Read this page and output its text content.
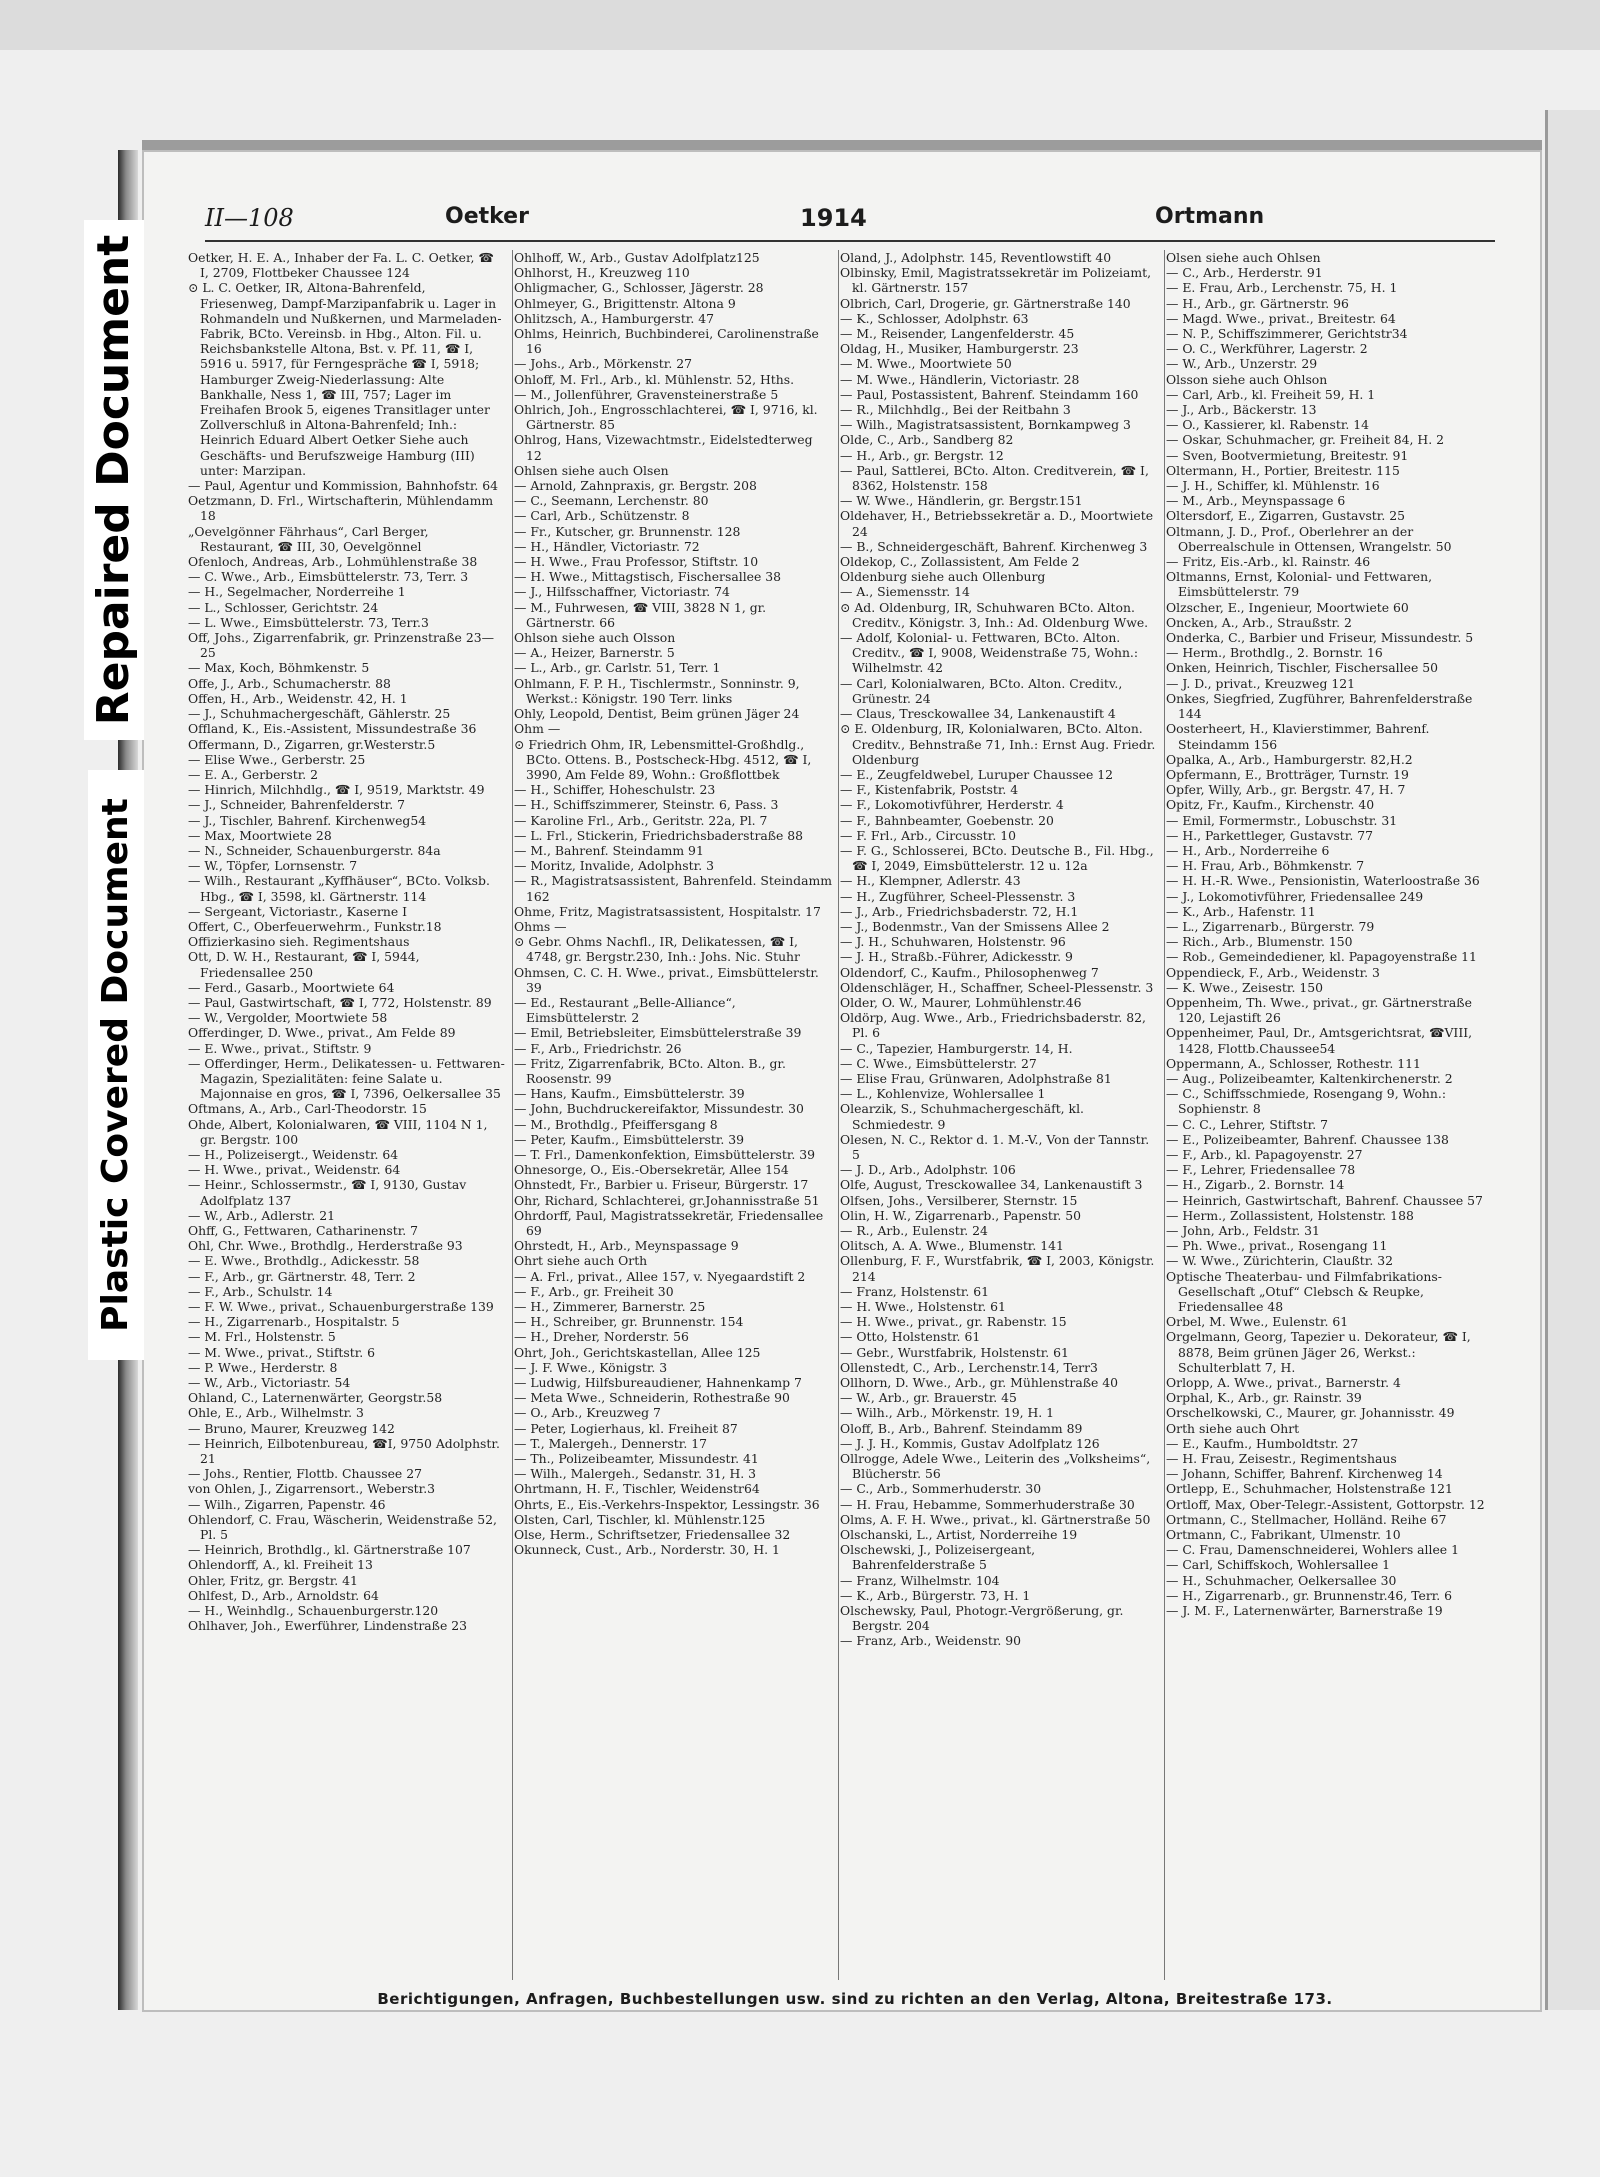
Repaired Document
Plastic Covered Document
II—108	Oetker	1914	Ortmann

Oetker, H. E. A., Inhaber der Fa. L. C. Oetker, ☎ I, 2709, Flottbeker Chaussee 124

⊙ L. C. Oetker, IR, Altona-Bahrenfeld, Friesenweg, Dampf-Marzipanfabrik u. Lager in Rohmandeln und Nußkernen, und Marmeladen-Fabrik, BCto. Vereinsb. in Hbg., Alton. Fil. u. Reichsbankstelle Altona, Bst. v. Pf. 11, ☎ I, 5916 u. 5917, für Ferngespräche ☎ I, 5918; Hamburger Zweig-Niederlassung: Alte Bankhalle, Ness 1, ☎ III, 757; Lager im Freihafen Brook 5, eigenes Transitlager unter Zollverschluß in Altona-Bahrenfeld; Inh.: Heinrich Eduard Albert Oetker Siehe auch Geschäfts- und Berufszweige Hamburg (III) unter: Marzipan.

— Paul, Agentur und Kommission, Bahnhofstr. 64

Oetzmann, D. Frl., Wirtschafterin, Mühlendamm 18

„Oevelgönner Fährhaus“, Carl Berger, Restaurant, ☎ III, 30, Oevelgönnel

Ofenloch, Andreas, Arb., Lohmühlenstraße 38

— C. Wwe., Arb., Eimsbüttelerstr. 73, Terr. 3

— H., Segelmacher, Norderreihe 1

— L., Schlosser, Gerichtstr. 24

— L. Wwe., Eimsbüttelerstr. 73, Terr.3

Off, Johs., Zigarrenfabrik, gr. Prinzenstraße 23—25

— Max, Koch, Böhmkenstr. 5

Offe, J., Arb., Schumacherstr. 88

Offen, H., Arb., Weidenstr. 42, H. 1

— J., Schuhmachergeschäft, Gählerstr. 25

Offland, K., Eis.-Assistent, Missundestraße 36

Offermann, D., Zigarren, gr.Westerstr.5

— Elise Wwe., Gerberstr. 25

— E. A., Gerberstr. 2

— Hinrich, Milchhdlg., ☎ I, 9519, Marktstr. 49

— J., Schneider, Bahrenfelderstr. 7

— J., Tischler, Bahrenf. Kirchenweg54

— Max, Moortwiete 28

— N., Schneider, Schauenburgerstr. 84a

— W., Töpfer, Lornsenstr. 7

— Wilh., Restaurant „Kyffhäuser“, BCto. Volksb. Hbg., ☎ I, 3598, kl. Gärtnerstr. 114

— Sergeant, Victoriastr., Kaserne I

Offert, C., Oberfeuerwehrm., Funkstr.18

Offizierkasino sieh. Regimentshaus

Ott, D. W. H., Restaurant, ☎ I, 5944, Friedensallee 250

— Ferd., Gasarb., Moortwiete 64

— Paul, Gastwirtschaft, ☎ I, 772, Holstenstr. 89

— W., Vergolder, Moortwiete 58

Offerdinger, D. Wwe., privat., Am Felde 89

— E. Wwe., privat., Stiftstr. 9

— Offerdinger, Herm., Delikatessen- u. Fettwaren-Magazin, Spezialitäten: feine Salate u. Majonnaise en gros, ☎ I, 7396, Oelkersallee 35

Oftmans, A., Arb., Carl-Theodorstr. 15

Ohde, Albert, Kolonialwaren, ☎ VIII, 1104 N 1, gr. Bergstr. 100

— H., Polizeisergt., Weidenstr. 64

— H. Wwe., privat., Weidenstr. 64

— Heinr., Schlossermstr., ☎ I, 9130, Gustav Adolfplatz 137

— W., Arb., Adlerstr. 21

Ohff, G., Fettwaren, Catharinenstr. 7

Ohl, Chr. Wwe., Brothdlg., Herderstraße 93

— E. Wwe., Brothdlg., Adickesstr. 58

— F., Arb., gr. Gärtnerstr. 48, Terr. 2

— F., Arb., Schulstr. 14

— F. W. Wwe., privat., Schauenburgerstraße 139

— H., Zigarrenarb., Hospitalstr. 5

— M. Frl., Holstenstr. 5

— M. Wwe., privat., Stiftstr. 6

— P. Wwe., Herderstr. 8

— W., Arb., Victoriastr. 54

Ohland, C., Laternenwärter, Georgstr.58

Ohle, E., Arb., Wilhelmstr. 3

— Bruno, Maurer, Kreuzweg 142

— Heinrich, Eilbotenbureau, ☎I, 9750 Adolphstr. 21

— Johs., Rentier, Flottb. Chaussee 27

von Ohlen, J., Zigarrensort., Weberstr.3

— Wilh., Zigarren, Papenstr. 46

Ohlendorf, C. Frau, Wäscherin, Weidenstraße 52, Pl. 5

— Heinrich, Brothdlg., kl. Gärtnerstraße 107

Ohlendorff, A., kl. Freiheit 13

Ohler, Fritz, gr. Bergstr. 41

Ohlfest, D., Arb., Arnoldstr. 64

— H., Weinhdlg., Schauenburgerstr.120

Ohlhaver, Joh., Ewerführer, Lindenstraße 23

Ohlhoff, W., Arb., Gustav Adolfplatz125

Ohlhorst, H., Kreuzweg 110

Ohligmacher, G., Schlosser, Jägerstr. 28

Ohlmeyer, G., Brigittenstr. Altona 9

Ohlitzsch, A., Hamburgerstr. 47

Ohlms, Heinrich, Buchbinderei, Carolinenstraße 16

— Johs., Arb., Mörkenstr. 27

Ohloff, M. Frl., Arb., kl. Mühlenstr. 52, Hths.

— M., Jollenführer, Gravensteinerstraße 5

Ohlrich, Joh., Engrosschlachterei, ☎ I, 9716, kl. Gärtnerstr. 85

Ohlrog, Hans, Vizewachtmstr., Eidelstedterweg 12

Ohlsen siehe auch Olsen

— Arnold, Zahnpraxis, gr. Bergstr. 208

— C., Seemann, Lerchenstr. 80

— Carl, Arb., Schützenstr. 8

— Fr., Kutscher, gr. Brunnenstr. 128

— H., Händler, Victoriastr. 72

— H. Wwe., Frau Professor, Stiftstr. 10

— H. Wwe., Mittagstisch, Fischersallee 38

— J., Hilfsschaffner, Victoriastr. 74

— M., Fuhrwesen, ☎ VIII, 3828 N 1, gr. Gärtnerstr. 66

Ohlson siehe auch Olsson

— A., Heizer, Barnerstr. 5

— L., Arb., gr. Carlstr. 51, Terr. 1

Ohlmann, F. P. H., Tischlermstr., Sonninstr. 9, Werkst.: Königstr. 190 Terr. links

Ohly, Leopold, Dentist, Beim grünen Jäger 24

Ohm —

⊙ Friedrich Ohm, IR, Lebensmittel-Großhdlg., BCto. Ottens. B., Postscheck-Hbg. 4512, ☎ I, 3990, Am Felde 89, Wohn.: Großflottbek

— H., Schiffer, Hoheschulstr. 23

— H., Schiffszimmerer, Steinstr. 6, Pass. 3

— Karoline Frl., Arb., Geritstr. 22a, Pl. 7

— L. Frl., Stickerin, Friedrichsbaderstraße 88

— M., Bahrenf. Steindamm 91

— Moritz, Invalide, Adolphstr. 3

— R., Magistratsassistent, Bahrenfeld. Steindamm 162

Ohme, Fritz, Magistratsassistent, Hospitalstr. 17

Ohms —

⊙ Gebr. Ohms Nachfl., IR, Delikatessen, ☎ I, 4748, gr. Bergstr.230, Inh.: Johs. Nic. Stuhr

Ohmsen, C. C. H. Wwe., privat., Eimsbüttelerstr. 39

— Ed., Restaurant „Belle-Alliance“, Eimsbüttelerstr. 2

— Emil, Betriebsleiter, Eimsbüttelerstraße 39

— F., Arb., Friedrichstr. 26

— Fritz, Zigarrenfabrik, BCto. Alton. B., gr. Roosenstr. 99

— Hans, Kaufm., Eimsbüttelerstr. 39

— John, Buchdruckereifaktor, Missundestr. 30

— M., Brothdlg., Pfeiffersgang 8

— Peter, Kaufm., Eimsbüttelerstr. 39

— T. Frl., Damenkonfektion, Eimsbüttelerstr. 39

Ohnesorge, O., Eis.-Obersekretär, Allee 154

Ohnstedt, Fr., Barbier u. Friseur, Bürgerstr. 17

Ohr, Richard, Schlachterei, gr.Johannisstraße 51

Ohrdorff, Paul, Magistratssekretär, Friedensallee 69

Ohrstedt, H., Arb., Meynspassage 9

Ohrt siehe auch Orth

— A. Frl., privat., Allee 157, v. Nyegaardstift 2

— F., Arb., gr. Freiheit 30

— H., Zimmerer, Barnerstr. 25

— H., Schreiber, gr. Brunnenstr. 154

— H., Dreher, Norderstr. 56

Ohrt, Joh., Gerichtskastellan, Allee 125

— J. F. Wwe., Königstr. 3

— Ludwig, Hilfsbureaudiener, Hahnenkamp 7

— Meta Wwe., Schneiderin, Rothestraße 90

— O., Arb., Kreuzweg 7

— Peter, Logierhaus, kl. Freiheit 87

— T., Malergeh., Dennerstr. 17

— Th., Polizeibeamter, Missundestr. 41

— Wilh., Malergeh., Sedanstr. 31, H. 3

Ohrtmann, H. F., Tischler, Weidenstr64

Ohrts, E., Eis.-Verkehrs-Inspektor, Lessingstr. 36

Olsten, Carl, Tischler, kl. Mühlenstr.125

Olse, Herm., Schriftsetzer, Friedensallee 32

Okunneck, Cust., Arb., Norderstr. 30, H. 1

Oland, J., Adolphstr. 145, Reventlowstift 40

Olbinsky, Emil, Magistratssekretär im Polizeiamt, kl. Gärtnerstr. 157

Olbrich, Carl, Drogerie, gr. Gärtnerstraße 140

— K., Schlosser, Adolphstr. 63

— M., Reisender, Langenfelderstr. 45

Oldag, H., Musiker, Hamburgerstr. 23

— M. Wwe., Moortwiete 50

— M. Wwe., Händlerin, Victoriastr. 28

— Paul, Postassistent, Bahrenf. Steindamm 160

— R., Milchhdlg., Bei der Reitbahn 3

— Wilh., Magistratsassistent, Bornkampweg 3

Olde, C., Arb., Sandberg 82

— H., Arb., gr. Bergstr. 12

— Paul, Sattlerei, BCto. Alton. Creditverein, ☎ I, 8362, Holstenstr. 158

— W. Wwe., Händlerin, gr. Bergstr.151

Oldehaver, H., Betriebssekretär a. D., Moortwiete 24

— B., Schneidergeschäft, Bahrenf. Kirchenweg 3

Oldekop, C., Zollassistent, Am Felde 2

Oldenburg siehe auch Ollenburg

— A., Siemensstr. 14

⊙ Ad. Oldenburg, IR, Schuhwaren BCto. Alton. Creditv., Königstr. 3, Inh.: Ad. Oldenburg Wwe.

— Adolf, Kolonial- u. Fettwaren, BCto. Alton. Creditv., ☎ I, 9008, Weidenstraße 75, Wohn.: Wilhelmstr. 42

— Carl, Kolonialwaren, BCto. Alton. Creditv., Grünestr. 24

— Claus, Tresckowallee 34, Lankenaustift 4

⊙ E. Oldenburg, IR, Kolonialwaren, BCto. Alton. Creditv., Behnstraße 71, Inh.: Ernst Aug. Friedr. Oldenburg

— E., Zeugfeldwebel, Luruper Chaussee 12

— F., Kistenfabrik, Poststr. 4

— F., Lokomotivführer, Herderstr. 4

— F., Bahnbeamter, Goebenstr. 20

— F. Frl., Arb., Circusstr. 10

— F. G., Schlosserei, BCto. Deutsche B., Fil. Hbg., ☎ I, 2049, Eimsbüttelerstr. 12 u. 12a

— H., Klempner, Adlerstr. 43

— H., Zugführer, Scheel-Plessenstr. 3

— J., Arb., Friedrichsbaderstr. 72, H.1

— J., Bodenmstr., Van der Smissens Allee 2

— J. H., Schuhwaren, Holstenstr. 96

— J. H., Straßb.-Führer, Adickesstr. 9

Oldendorf, C., Kaufm., Philosophenweg 7

Oldenschläger, H., Schaffner, Scheel-Plessenstr. 3

Older, O. W., Maurer, Lohmühlenstr.46

Oldörp, Aug. Wwe., Arb., Friedrichsbaderstr. 82, Pl. 6

— C., Tapezier, Hamburgerstr. 14, H.

— C. Wwe., Eimsbüttelerstr. 27

— Elise Frau, Grünwaren, Adolphstraße 81

— L., Kohlenvize, Wohlersallee 1

Olearzik, S., Schuhmachergeschäft, kl. Schmiedestr. 9

Olesen, N. C., Rektor d. 1. M.-V., Von der Tannstr. 5

— J. D., Arb., Adolphstr. 106

Olfe, August, Tresckowallee 34, Lankenaustift 3

Olfsen, Johs., Versilberer, Sternstr. 15

Olin, H. W., Zigarrenarb., Papenstr. 50

— R., Arb., Eulenstr. 24

Olitsch, A. A. Wwe., Blumenstr. 141

Ollenburg, F. F., Wurstfabrik, ☎ I, 2003, Königstr. 214

— Franz, Holstenstr. 61

— H. Wwe., Holstenstr. 61

— H. Wwe., privat., gr. Rabenstr. 15

— Otto, Holstenstr. 61

— Gebr., Wurstfabrik, Holstenstr. 61

Ollenstedt, C., Arb., Lerchenstr.14, Terr3

Ollhorn, D. Wwe., Arb., gr. Mühlenstraße 40

— W., Arb., gr. Brauerstr. 45

— Wilh., Arb., Mörkenstr. 19, H. 1

Oloff, B., Arb., Bahrenf. Steindamm 89

— J. J. H., Kommis, Gustav Adolfplatz 126

Ollrogge, Adele Wwe., Leiterin des „Volksheims“, Blücherstr. 56

— C., Arb., Sommerhuderstr. 30

— H. Frau, Hebamme, Sommerhuderstraße 30

Olms, A. F. H. Wwe., privat., kl. Gärtnerstraße 50

Olschanski, L., Artist, Norderreihe 19

Olschewski, J., Polizeisergeant, Bahrenfelderstraße 5

— Franz, Wilhelmstr. 104

— K., Arb., Bürgerstr. 73, H. 1

Olschewsky, Paul, Photogr.-Vergrößerung, gr. Bergstr. 204

— Franz, Arb., Weidenstr. 90

Olsen siehe auch Ohlsen

— C., Arb., Herderstr. 91

— E. Frau, Arb., Lerchenstr. 75, H. 1

— H., Arb., gr. Gärtnerstr. 96

— Magd. Wwe., privat., Breitestr. 64

— N. P., Schiffszimmerer, Gerichtstr34

— O. C., Werkführer, Lagerstr. 2

— W., Arb., Unzerstr. 29

Olsson siehe auch Ohlson

— Carl, Arb., kl. Freiheit 59, H. 1

— J., Arb., Bäckerstr. 13

— O., Kassierer, kl. Rabenstr. 14

— Oskar, Schuhmacher, gr. Freiheit 84, H. 2

— Sven, Bootvermietung, Breitestr. 91

Oltermann, H., Portier, Breitestr. 115

— J. H., Schiffer, kl. Mühlenstr. 16

— M., Arb., Meynspassage 6

Oltersdorf, E., Zigarren, Gustavstr. 25

Oltmann, J. D., Prof., Oberlehrer an der Oberrealschule in Ottensen, Wrangelstr. 50

— Fritz, Eis.-Arb., kl. Rainstr. 46

Oltmanns, Ernst, Kolonial- und Fettwaren, Eimsbüttelerstr. 79

Olzscher, E., Ingenieur, Moortwiete 60

Oncken, A., Arb., Straußstr. 2

Onderka, C., Barbier und Friseur, Missundestr. 5

— Herm., Brothdlg., 2. Bornstr. 16

Onken, Heinrich, Tischler, Fischersallee 50

— J. D., privat., Kreuzweg 121

Onkes, Siegfried, Zugführer, Bahrenfelderstraße 144

Oosterheert, H., Klavierstimmer, Bahrenf. Steindamm 156

Opalka, A., Arb., Hamburgerstr. 82,H.2

Opfermann, E., Brotträger, Turnstr. 19

Opfer, Willy, Arb., gr. Bergstr. 47, H. 7

Opitz, Fr., Kaufm., Kirchenstr. 40

— Emil, Formermstr., Lobuschstr. 31

— H., Parkettleger, Gustavstr. 77

— H., Arb., Norderreihe 6

— H. Frau, Arb., Böhmkenstr. 7

— H. H.-R. Wwe., Pensionistin, Waterloostraße 36

— J., Lokomotivführer, Friedensallee 249

— K., Arb., Hafenstr. 11

— L., Zigarrenarb., Bürgerstr. 79

— Rich., Arb., Blumenstr. 150

— Rob., Gemeindediener, kl. Papagoyenstraße 11

Oppendieck, F., Arb., Weidenstr. 3

— K. Wwe., Zeisestr. 150

Oppenheim, Th. Wwe., privat., gr. Gärtnerstraße 120, Lejastift 26

Oppenheimer, Paul, Dr., Amtsgerichtsrat, ☎VIII, 1428, Flottb.Chaussee54

Oppermann, A., Schlosser, Rothestr. 111

— Aug., Polizeibeamter, Kaltenkirchenerstr. 2

— C., Schiffsschmiede, Rosengang 9, Wohn.: Sophienstr. 8

— C. C., Lehrer, Stiftstr. 7

— E., Polizeibeamter, Bahrenf. Chaussee 138

— F., Arb., kl. Papagoyenstr. 27

— F., Lehrer, Friedensallee 78

— H., Zigarb., 2. Bornstr. 14

— Heinrich, Gastwirtschaft, Bahrenf. Chaussee 57

— Herm., Zollassistent, Holstenstr. 188

— John, Arb., Feldstr. 31

— Ph. Wwe., privat., Rosengang 11

— W. Wwe., Zürichterin, Claußtr. 32

Optische Theaterbau- und Filmfabrikations-Gesellschaft „Otuf“ Clebsch & Reupke, Friedensallee 48

Orbel, M. Wwe., Eulenstr. 61

Orgelmann, Georg, Tapezier u. Dekorateur, ☎ I, 8878, Beim grünen Jäger 26, Werkst.: Schulterblatt 7, H.

Orlopp, A. Wwe., privat., Barnerstr. 4

Orphal, K., Arb., gr. Rainstr. 39

Orschelkowski, C., Maurer, gr. Johannisstr. 49

Orth siehe auch Ohrt

— E., Kaufm., Humboldtstr. 27

— H. Frau, Zeisestr., Regimentshaus

— Johann, Schiffer, Bahrenf. Kirchenweg 14

Ortlepp, E., Schuhmacher, Holstenstraße 121

Ortloff, Max, Ober-Telegr.-Assistent, Gottorpstr. 12

Ortmann, C., Stellmacher, Holländ. Reihe 67

Ortmann, C., Fabrikant, Ulmenstr. 10

— C. Frau, Damenschneiderei, Wohlers allee 1

— Carl, Schiffskoch, Wohlersallee 1

— H., Schuhmacher, Oelkersallee 30

— H., Zigarrenarb., gr. Brunnenstr.46, Terr. 6

— J. M. F., Laternenwärter, Barnerstraße 19

Berichtigungen, Anfragen, Buchbestellungen usw. sind zu richten an den Verlag, Altona, Breitestraße 173.
